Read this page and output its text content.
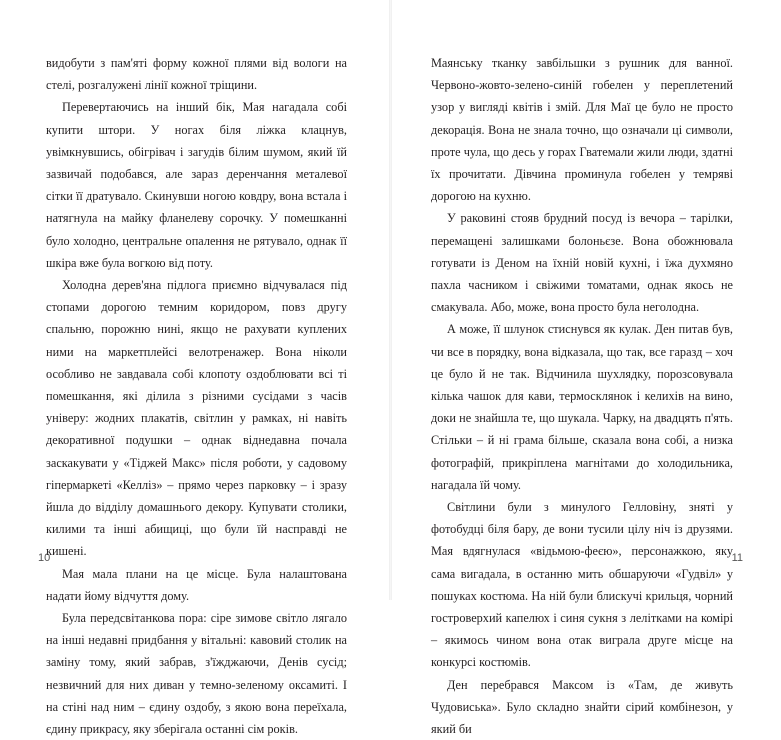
видобути з пам'яті форму кожної плями від вологи на стелі, розгалужені лінії кожної тріщини.

Перевертаючись на інший бік, Мая нагадала собі купити штори. У ногах біля ліжка клацнув, увімкнувшись, обігрівач і загудів білим шумом, який їй зазвичай подобався, але зараз деренчання металевої сітки її дратувало. Скинувши ногою ковдру, вона встала і натягнула на майку фланелеву сорочку. У помешканні було холодно, центральне опалення не рятувало, однак її шкіра вже була вогкою від поту.

Холодна дерев'яна підлога приємно відчувалася під стопами дорогою темним коридором, повз другу спальню, порожню нині, якщо не рахувати куплених ними на маркетплейсі велотренажер. Вона ніколи особливо не завдавала собі клопоту оздоблювати всі ті помешкання, які ділила з різними сусідами з часів універу: жодних плакатів, світлин у рамках, ні навіть декоративної подушки – однак віднедавна почала заскакувати у «Тіджей Макс» після роботи, у садовому гіпермаркеті «Келліз» – прямо через парковку – і зразу йшла до відділу домашнього декору. Купувати столики, килими та інші абищиці, що були їй насправді не кишені.

Мая мала плани на це місце. Була налаштована надати йому відчуття дому.

Була передсвітанкова пора: сіре зимове світло лягало на інші недавні придбання у вітальні: кавовий столик на заміну тому, який забрав, з'їжджаючи, Денів сусід; незвичний для них диван у темно-зеленому оксамиті. І на стіні над ним – єдину оздобу, з якою вона переїхала, єдину прикрасу, яку зберігала останні сім років.

10

Маянську тканку завбільшки з рушник для ванної. Червоно-жовто-зелено-синій гобелен у переплетений узор у вигляді квітів і змій. Для Маї це було не просто декорація. Вона не знала точно, що означали ці символи, проте чула, що десь у горах Гватемали жили люди, здатні їх прочитати. Дівчина проминула гобелен у темряві дорогою на кухню.

У раковині стояв брудний посуд із вечора – тарілки, перемащені залишками болоньєзе. Вона обожнювала готувати із Деном на їхній новій кухні, і їжа духмяно пахла часником і свіжими томатами, однак якось не смакувала. Або, може, вона просто була неголодна.

А може, її шлунок стиснувся як кулак. Ден питав був, чи все в порядку, вона відказала, що так, все гаразд – хоч це було й не так. Відчинила шухлядку, порозсовувала кілька чашок для кави, термосклянок і келихів на вино, доки не знайшла те, що шукала. Чарку, на двадцять п'ять. Стільки – й ні грама більше, сказала вона собі, а низка фотографій, прикріплена магнітами до холодильника, нагадала їй чому.

Світлини були з минулого Гелловіну, зняті у фотобудці біля бару, де вони тусили цілу ніч із друзями. Мая вдягнулася «відьмою-феєю», персонажкою, яку сама вигадала, в останню мить обшаруючи «Гудвіл» у пошуках костюма. На ній були блискучі крильця, чорний гостроверхий капелюх і синя сукня з лелітками на комірі – якимось чином вона отак виграла друге місце на конкурсі костюмів.

Ден перебрався Максом із «Там, де живуть Чудовиська». Було складно знайти сірий комбінезон, у який би

11
